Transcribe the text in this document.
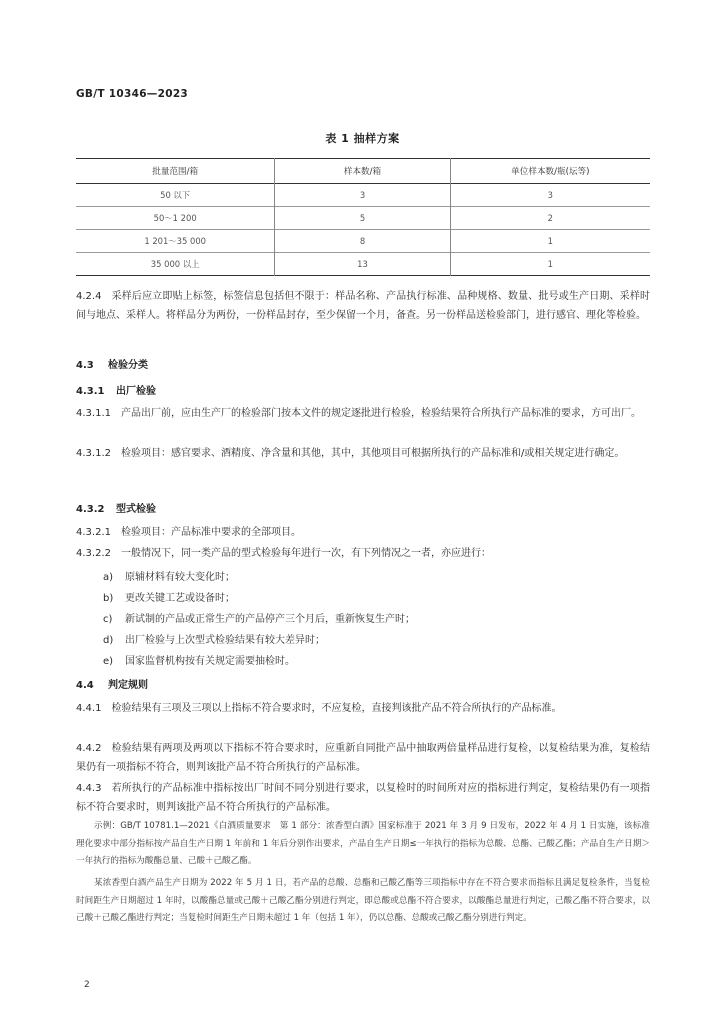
GB/T 10346—2023
表 1 抽样方案
批量范围/箱	样本数/箱	单位样本数/瓶(坛等)
50 以下	3	3
50～1 200	5	2
1 201～35 000	8	1
35 000 以上	13	1
4.2.4 采样后应立即贴上标签，标签信息包括但不限于：样品名称、产品执行标准、品种规格、数量、批号或生产日期、采样时间与地点、采样人。将样品分为两份，一份样品封存，至少保留一个月，备查。另一份样品送检验部门，进行感官、理化等检验。
4.3 检验分类
4.3.1 出厂检验
4.3.1.1 产品出厂前，应由生产厂的检验部门按本文件的规定逐批进行检验，检验结果符合所执行产品标准的要求，方可出厂。
4.3.1.2 检验项目：感官要求、酒精度、净含量和其他，其中，其他项目可根据所执行的产品标准和/或相关规定进行确定。
4.3.2 型式检验
4.3.2.1 检验项目：产品标准中要求的全部项目。
4.3.2.2 一般情况下，同一类产品的型式检验每年进行一次，有下列情况之一者，亦应进行：
a) 原辅材料有较大变化时；
b) 更改关键工艺或设备时；
c) 新试制的产品或正常生产的产品停产三个月后，重新恢复生产时；
d) 出厂检验与上次型式检验结果有较大差异时；
e) 国家监督机构按有关规定需要抽检时。
4.4 判定规则
4.4.1 检验结果有三项及三项以上指标不符合要求时，不应复检，直接判该批产品不符合所执行的产品标准。
4.4.2 检验结果有两项及两项以下指标不符合要求时，应重新自同批产品中抽取两倍量样品进行复检，以复检结果为准，复检结果仍有一项指标不符合，则判该批产品不符合所执行的产品标准。
4.4.3 若所执行的产品标准中指标按出厂时间不同分别进行要求，以复检时的时间所对应的指标进行判定，复检结果仍有一项指标不符合要求时，则判该批产品不符合所执行的产品标准。
示例：GB/T 10781.1—2021《白酒质量要求　第 1 部分：浓香型白酒》国家标准于 2021 年 3 月 9 日发布，2022 年 4 月 1 日实施，该标准理化要求中部分指标按产品自生产日期 1 年前和 1 年后分别作出要求，产品自生产日期≤一年执行的指标为总酸、总酯、己酸乙酯；产品自生产日期＞一年执行的指标为酸酯总量、己酸＋己酸乙酯。
某浓香型白酒产品生产日期为 2022 年 5 月 1 日，若产品的总酸、总酯和己酸乙酯等三项指标中存在不符合要求而指标且满足复检条件，当复检时间距生产日期超过 1 年时，以酸酯总量或己酸＋己酸乙酯分别进行判定，即总酸或总酯不符合要求，以酸酯总量进行判定，己酸乙酯不符合要求，以己酸＋己酸乙酯进行判定；当复检时间距生产日期未超过 1 年（包括 1 年），仍以总酯、总酸或己酸乙酯分别进行判定。
2
